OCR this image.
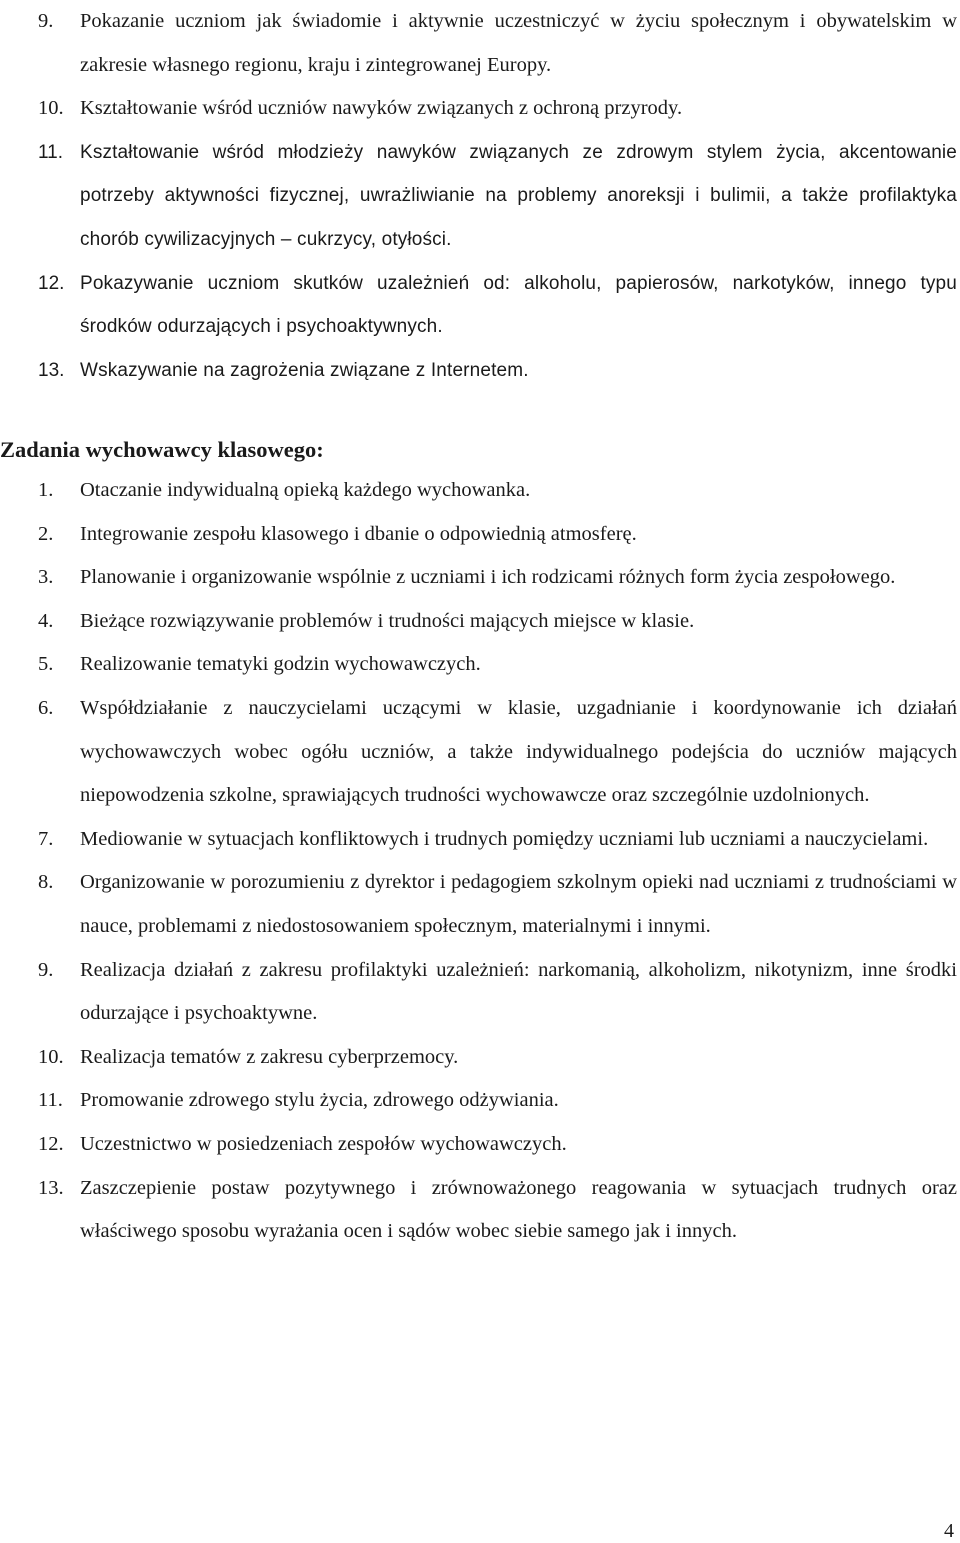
9. Pokazanie uczniom jak świadomie i aktywnie uczestniczyć w życiu społecznym i obywatelskim w zakresie własnego regionu, kraju i zintegrowanej Europy.
10. Kształtowanie wśród uczniów nawyków związanych z ochroną przyrody.
11. Kształtowanie wśród młodzieży nawyków związanych ze zdrowym stylem życia, akcentowanie potrzeby aktywności fizycznej, uwrażliwianie na problemy anoreksji i bulimii, a także profilaktyka chorób cywilizacyjnych – cukrzycy, otyłości.
12. Pokazywanie uczniom skutków uzależnień od: alkoholu, papierosów, narkotyków, innego typu środków odurzających i psychoaktywnych.
13. Wskazywanie na zagrożenia związane z Internetem.
Zadania wychowawcy klasowego:
1. Otaczanie indywidualną opieką każdego wychowanka.
2. Integrowanie zespołu klasowego i dbanie o odpowiednią atmosferę.
3. Planowanie i organizowanie wspólnie z uczniami i ich rodzicami różnych form życia zespołowego.
4. Bieżące rozwiązywanie problemów i trudności mających miejsce w klasie.
5. Realizowanie tematyki godzin wychowawczych.
6. Współdziałanie z nauczycielami uczącymi w klasie, uzgadnianie i koordynowanie ich działań wychowawczych wobec ogółu uczniów, a także indywidualnego podejścia do uczniów mających niepowodzenia szkolne, sprawiających trudności wychowawcze oraz szczególnie uzdolnionych.
7. Mediowanie w sytuacjach konfliktowych i trudnych pomiędzy uczniami lub uczniami a nauczycielami.
8. Organizowanie w porozumieniu z dyrektor i pedagogiem szkolnym opieki nad uczniami z trudnościami w nauce, problemami z niedostosowaniem społecznym, materialnymi i innymi.
9. Realizacja działań z zakresu profilaktyki uzależnień: narkomanią, alkoholizm, nikotynizm, inne środki odurzające i psychoaktywne.
10. Realizacja tematów z zakresu cyberprzemocy.
11. Promowanie zdrowego stylu życia, zdrowego odżywiania.
12. Uczestnictwo w posiedzeniach zespołów wychowawczych.
13. Zaszczepienie postaw pozytywnego i zrównoważonego reagowania w sytuacjach trudnych oraz właściwego sposobu wyrażania ocen i sądów wobec siebie samego jak i innych.
4
